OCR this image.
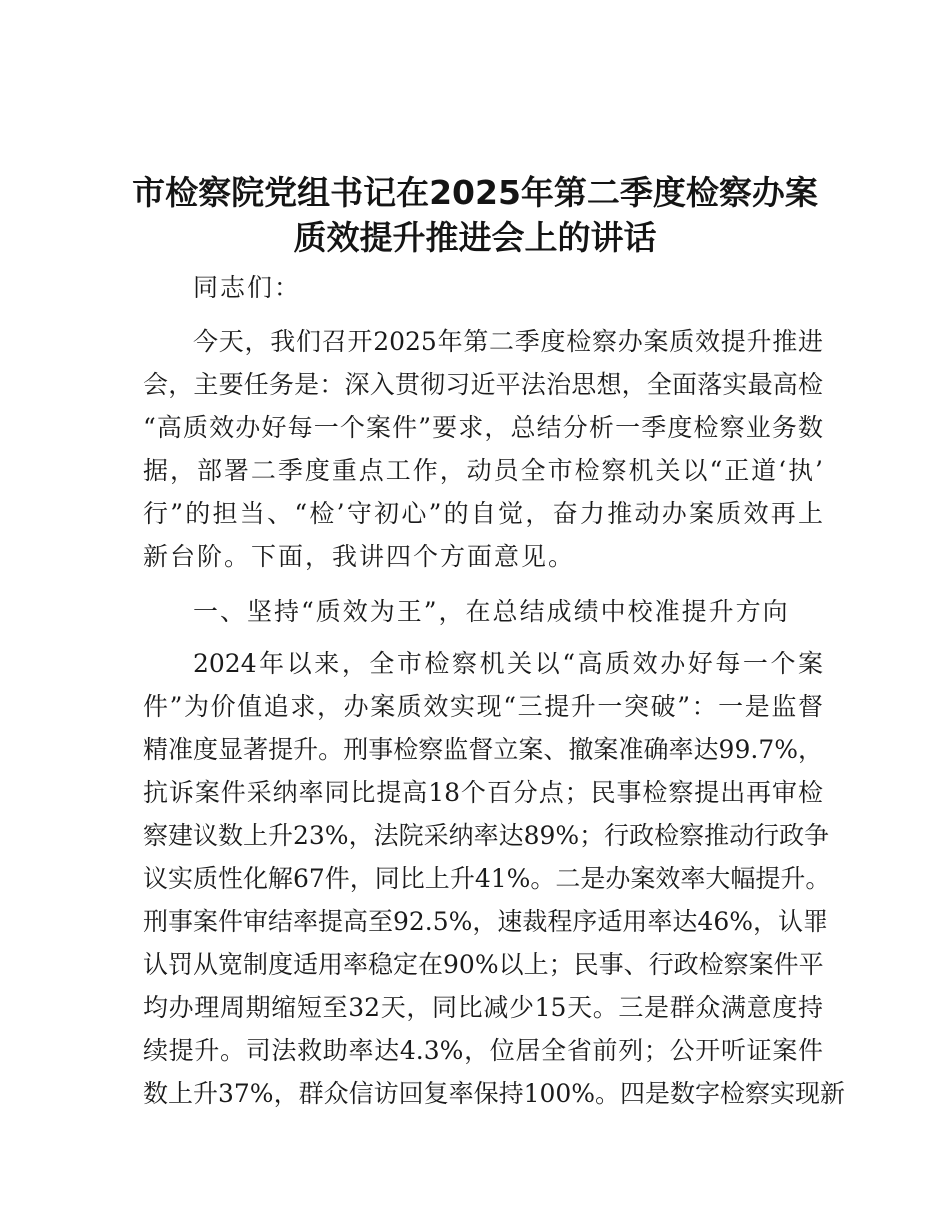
市检察院党组书记在2025年第二季度检察办案
质效提升推进会上的讲话
同志们：
今天，我们召开2025年第二季度检察办案质效提升推进
会，主要任务是：深入贯彻习近平法治思想，全面落实最高检
“高质效办好每一个案件”要求，总结分析一季度检察业务数
据，部署二季度重点工作，动员全市检察机关以“正道‘执’
行”的担当、“检’守初心”的自觉，奋力推动办案质效再上
新台阶。下面，我讲四个方面意见。
一、坚持“质效为王”，在总结成绩中校准提升方向
2024年以来，全市检察机关以“高质效办好每一个案
件”为价值追求，办案质效实现“三提升一突破”：一是监督
精准度显著提升。刑事检察监督立案、撤案准确率达99.7%，
抗诉案件采纳率同比提高18个百分点；民事检察提出再审检
察建议数上升23%，法院采纳率达89%；行政检察推动行政争
议实质性化解67件，同比上升41%。二是办案效率大幅提升。
刑事案件审结率提高至92.5%，速裁程序适用率达46%，认罪
认罚从宽制度适用率稳定在90%以上；民事、行政检察案件平
均办理周期缩短至32天，同比减少15天。三是群众满意度持
续提升。司法救助率达4.3%，位居全省前列；公开听证案件
数上升37%，群众信访回复率保持100%。四是数字检察实现新
